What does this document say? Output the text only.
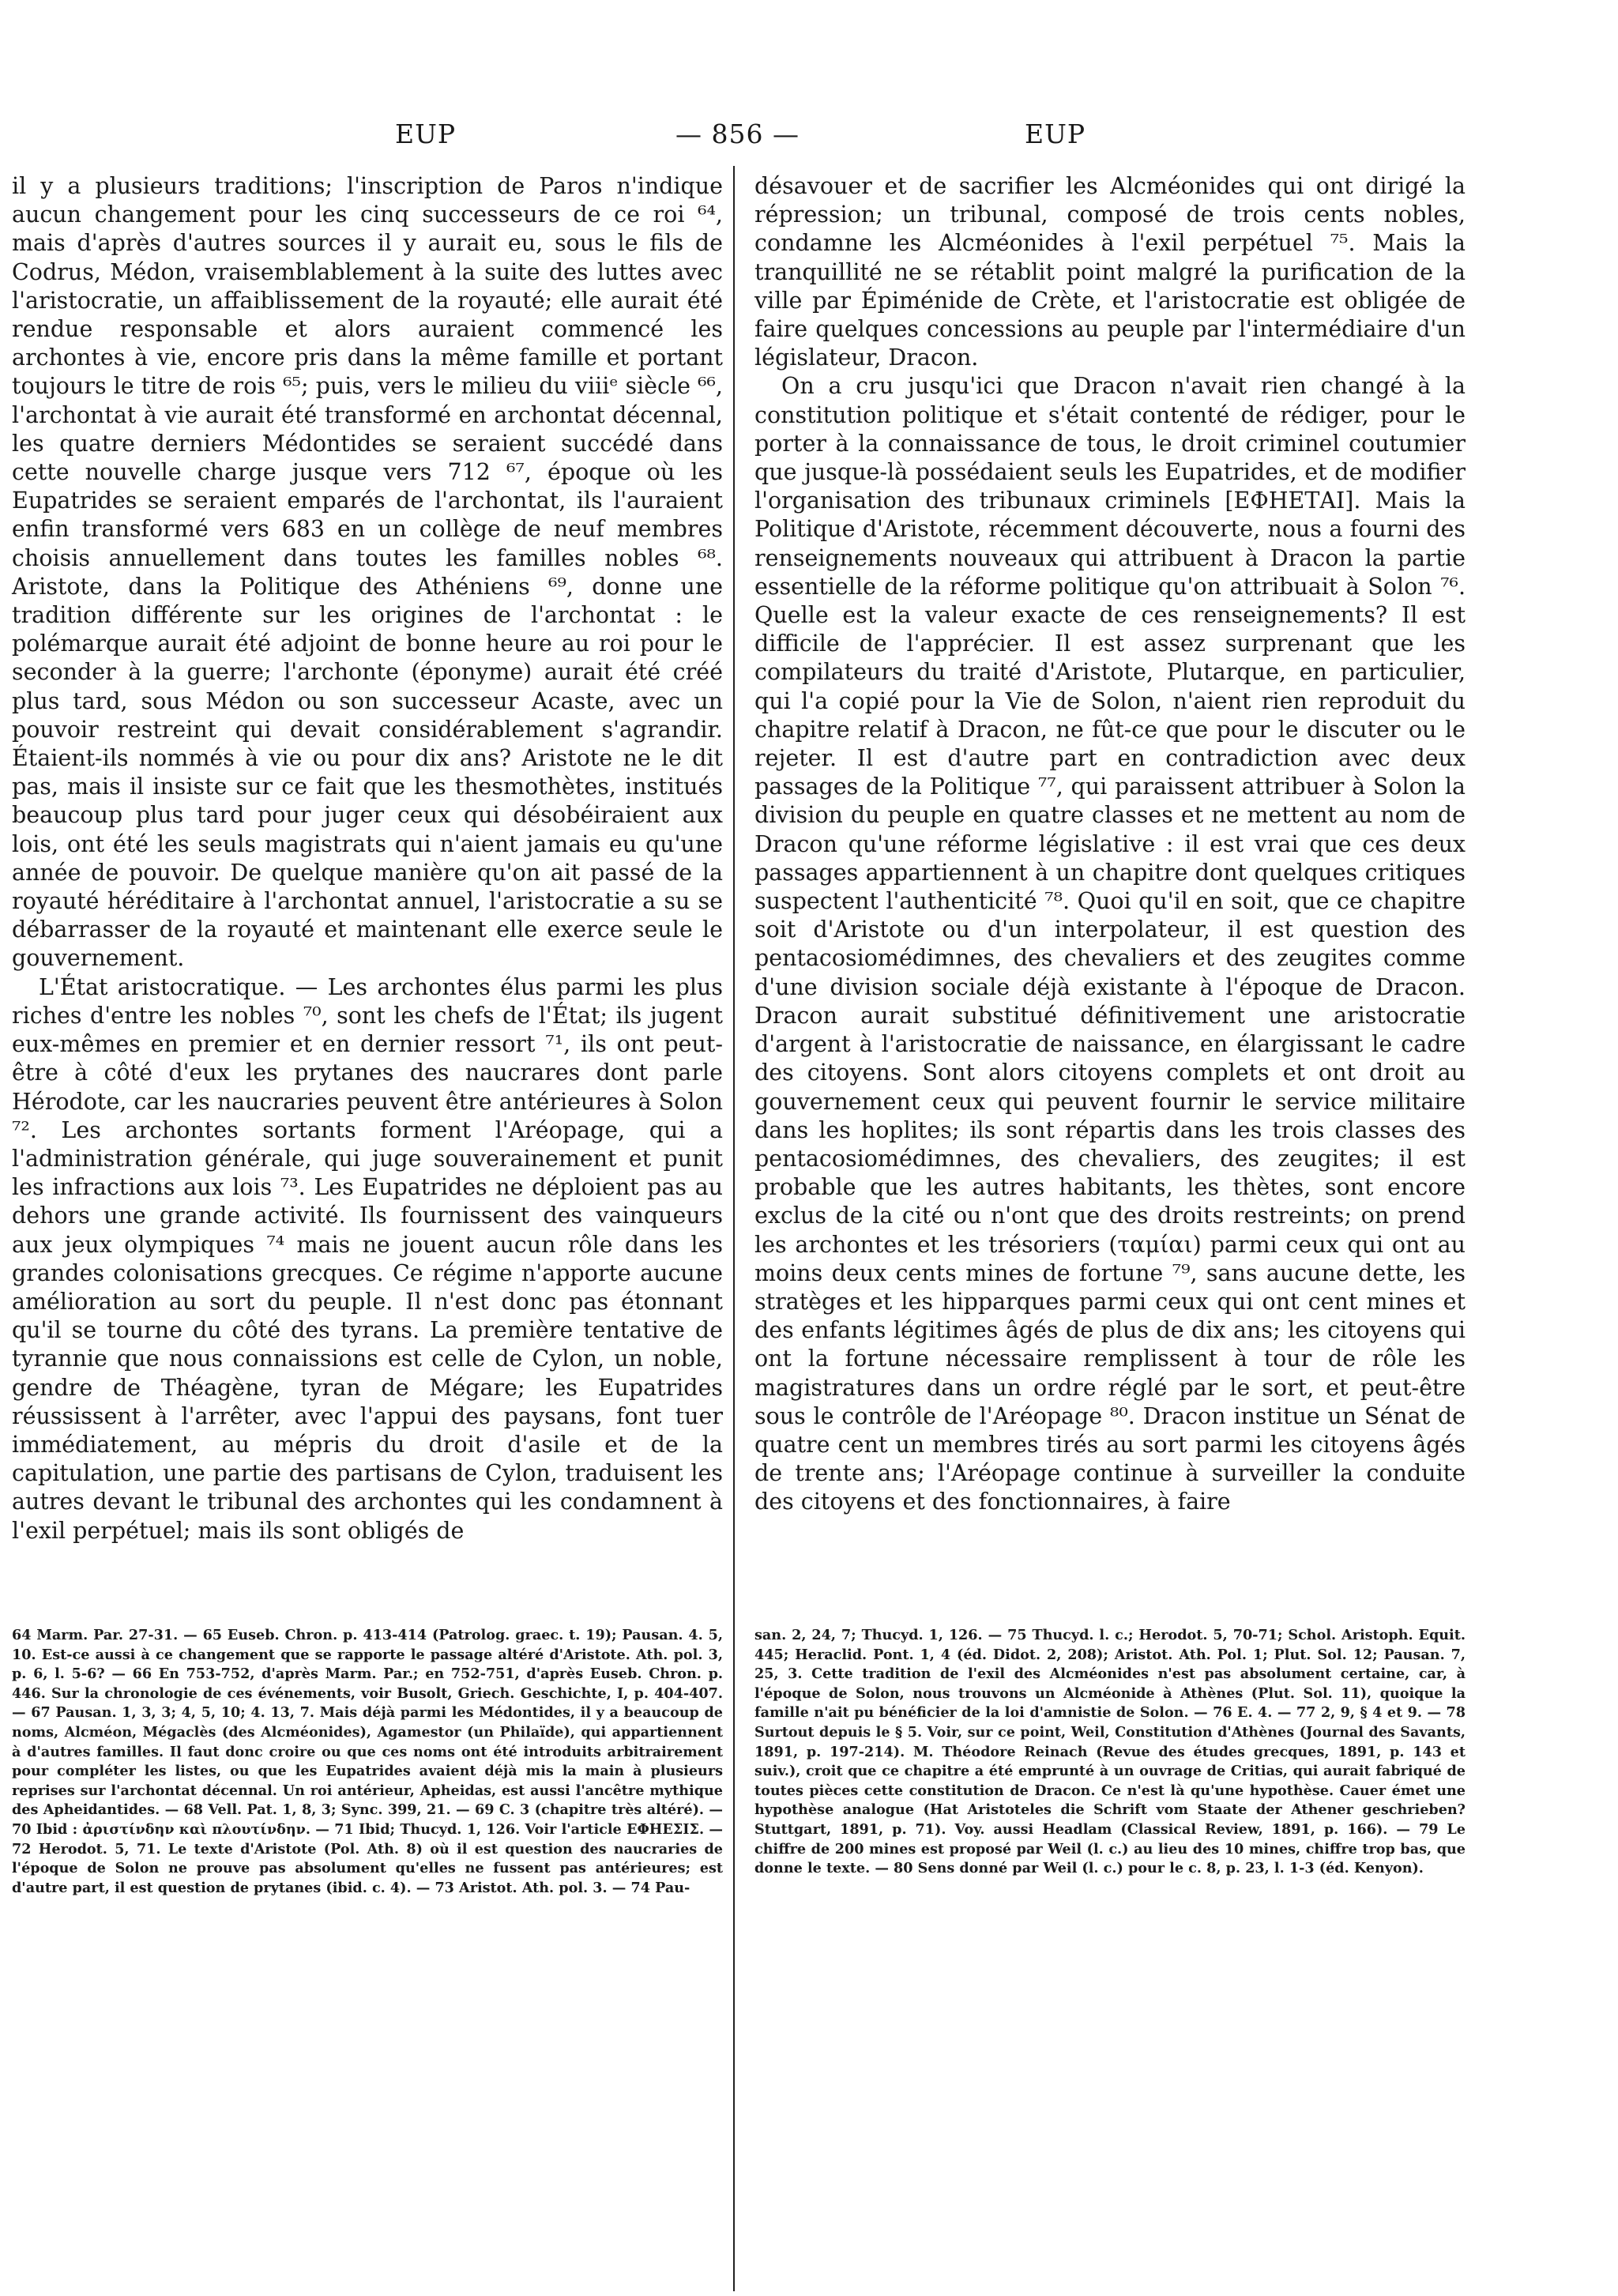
EUP	— 856 —	EUP

il y a plusieurs traditions; l'inscription de Paros n'indique aucun changement pour les cinq successeurs de ce roi ⁶⁴, mais d'après d'autres sources il y aurait eu, sous le fils de Codrus, Médon, vraisemblablement à la suite des luttes avec l'aristocratie, un affaiblissement de la royauté; elle aurait été rendue responsable et alors auraient commencé les archontes à vie, encore pris dans la même famille et portant toujours le titre de rois ⁶⁵; puis, vers le milieu du viiiᵉ siècle ⁶⁶, l'archontat à vie aurait été transformé en archontat décennal, les quatre derniers Médontides se seraient succédé dans cette nouvelle charge jusque vers 712 ⁶⁷, époque où les Eupatrides se seraient emparés de l'archontat, ils l'auraient enfin transformé vers 683 en un collège de neuf membres choisis annuellement dans toutes les familles nobles ⁶⁸. Aristote, dans la Politique des Athéniens ⁶⁹, donne une tradition différente sur les origines de l'archontat : le polémarque aurait été adjoint de bonne heure au roi pour le seconder à la guerre; l'archonte (éponyme) aurait été créé plus tard, sous Médon ou son successeur Acaste, avec un pouvoir restreint qui devait considérablement s'agrandir. Étaient-ils nommés à vie ou pour dix ans? Aristote ne le dit pas, mais il insiste sur ce fait que les thesmothètes, institués beaucoup plus tard pour juger ceux qui désobéiraient aux lois, ont été les seuls magistrats qui n'aient jamais eu qu'une année de pouvoir. De quelque manière qu'on ait passé de la royauté héréditaire à l'archontat annuel, l'aristocratie a su se débarrasser de la royauté et maintenant elle exerce seule le gouvernement.

L'État aristocratique. — Les archontes élus parmi les plus riches d'entre les nobles ⁷⁰, sont les chefs de l'État; ils jugent eux-mêmes en premier et en dernier ressort ⁷¹, ils ont peut-être à côté d'eux les prytanes des naucrares dont parle Hérodote, car les naucraries peuvent être antérieures à Solon ⁷². Les archontes sortants forment l'Aréopage, qui a l'administration générale, qui juge souverainement et punit les infractions aux lois ⁷³. Les Eupatrides ne déploient pas au dehors une grande activité. Ils fournissent des vainqueurs aux jeux olympiques ⁷⁴ mais ne jouent aucun rôle dans les grandes colonisations grecques. Ce régime n'apporte aucune amélioration au sort du peuple. Il n'est donc pas étonnant qu'il se tourne du côté des tyrans. La première tentative de tyrannie que nous connaissions est celle de Cylon, un noble, gendre de Théagène, tyran de Mégare; les Eupatrides réussissent à l'arrêter, avec l'appui des paysans, font tuer immédiatement, au mépris du droit d'asile et de la capitulation, une partie des partisans de Cylon, traduisent les autres devant le tribunal des archontes qui les condamnent à l'exil perpétuel; mais ils sont obligés de

désavouer et de sacrifier les Alcméonides qui ont dirigé la répression; un tribunal, composé de trois cents nobles, condamne les Alcméonides à l'exil perpétuel ⁷⁵. Mais la tranquillité ne se rétablit point malgré la purification de la ville par Épiménide de Crète, et l'aristocratie est obligée de faire quelques concessions au peuple par l'intermédiaire d'un législateur, Dracon.

On a cru jusqu'ici que Dracon n'avait rien changé à la constitution politique et s'était contenté de rédiger, pour le porter à la connaissance de tous, le droit criminel coutumier que jusque-là possédaient seuls les Eupatrides, et de modifier l'organisation des tribunaux criminels [ΕΦΗΕΤΑΙ]. Mais la Politique d'Aristote, récemment découverte, nous a fourni des renseignements nouveaux qui attribuent à Dracon la partie essentielle de la réforme politique qu'on attribuait à Solon ⁷⁶. Quelle est la valeur exacte de ces renseignements? Il est difficile de l'apprécier. Il est assez surprenant que les compilateurs du traité d'Aristote, Plutarque, en particulier, qui l'a copié pour la Vie de Solon, n'aient rien reproduit du chapitre relatif à Dracon, ne fût-ce que pour le discuter ou le rejeter. Il est d'autre part en contradiction avec deux passages de la Politique ⁷⁷, qui paraissent attribuer à Solon la division du peuple en quatre classes et ne mettent au nom de Dracon qu'une réforme législative : il est vrai que ces deux passages appartiennent à un chapitre dont quelques critiques suspectent l'authenticité ⁷⁸. Quoi qu'il en soit, que ce chapitre soit d'Aristote ou d'un interpolateur, il est question des pentacosiomédimnes, des chevaliers et des zeugites comme d'une division sociale déjà existante à l'époque de Dracon. Dracon aurait substitué définitivement une aristocratie d'argent à l'aristocratie de naissance, en élargissant le cadre des citoyens. Sont alors citoyens complets et ont droit au gouvernement ceux qui peuvent fournir le service militaire dans les hoplites; ils sont répartis dans les trois classes des pentacosiomédimnes, des chevaliers, des zeugites; il est probable que les autres habitants, les thètes, sont encore exclus de la cité ou n'ont que des droits restreints; on prend les archontes et les trésoriers (ταμίαι) parmi ceux qui ont au moins deux cents mines de fortune ⁷⁹, sans aucune dette, les stratèges et les hipparques parmi ceux qui ont cent mines et des enfants légitimes âgés de plus de dix ans; les citoyens qui ont la fortune nécessaire remplissent à tour de rôle les magistratures dans un ordre réglé par le sort, et peut-être sous le contrôle de l'Aréopage ⁸⁰. Dracon institue un Sénat de quatre cent un membres tirés au sort parmi les citoyens âgés de trente ans; l'Aréopage continue à surveiller la conduite des citoyens et des fonctionnaires, à faire

64 Marm. Par. 27-31. — 65 Euseb. Chron. p. 413-414 (Patrolog. graec. t. 19); Pausan. 4. 5, 10. Est-ce aussi à ce changement que se rapporte le passage altéré d'Aristote. Ath. pol. 3, p. 6, l. 5-6? — 66 En 753-752, d'après Marm. Par.; en 752-751, d'après Euseb. Chron. p. 446. Sur la chronologie de ces événements, voir Busolt, Griech. Geschichte, I, p. 404-407. — 67 Pausan. 1, 3, 3; 4, 5, 10; 4. 13, 7. Mais déjà parmi les Médontides, il y a beaucoup de noms, Alcméon, Mégaclès (des Alcméonides), Agamestor (un Philaïde), qui appartiennent à d'autres familles. Il faut donc croire ou que ces noms ont été introduits arbitrairement pour compléter les listes, ou que les Eupatrides avaient déjà mis la main à plusieurs reprises sur l'archontat décennal. Un roi antérieur, Apheidas, est aussi l'ancêtre mythique des Apheidantides. — 68 Vell. Pat. 1, 8, 3; Sync. 399, 21. — 69 C. 3 (chapitre très altéré). — 70 Ibid : ἀριστίνδην καὶ πλουτίνδην. — 71 Ibid; Thucyd. 1, 126. Voir l'article ΕΦΗΕΣΙΣ. — 72 Herodot. 5, 71. Le texte d'Aristote (Pol. Ath. 8) où il est question des naucraries de l'époque de Solon ne prouve pas absolument qu'elles ne fussent pas antérieures; est d'autre part, il est question de prytanes (ibid. c. 4). — 73 Aristot. Ath. pol. 3. — 74 Pau-

san. 2, 24, 7; Thucyd. 1, 126. — 75 Thucyd. l. c.; Herodot. 5, 70-71; Schol. Aristoph. Equit. 445; Heraclid. Pont. 1, 4 (éd. Didot. 2, 208); Aristot. Ath. Pol. 1; Plut. Sol. 12; Pausan. 7, 25, 3. Cette tradition de l'exil des Alcméonides n'est pas absolument certaine, car, à l'époque de Solon, nous trouvons un Alcméonide à Athènes (Plut. Sol. 11), quoique la famille n'ait pu bénéficier de la loi d'amnistie de Solon. — 76 E. 4. — 77 2, 9, § 4 et 9. — 78 Surtout depuis le § 5. Voir, sur ce point, Weil, Constitution d'Athènes (Journal des Savants, 1891, p. 197-214). M. Théodore Reinach (Revue des études grecques, 1891, p. 143 et suiv.), croit que ce chapitre a été emprunté à un ouvrage de Critias, qui aurait fabriqué de toutes pièces cette constitution de Dracon. Ce n'est là qu'une hypothèse. Cauer émet une hypothèse analogue (Hat Aristoteles die Schrift vom Staate der Athener geschrieben? Stuttgart, 1891, p. 71). Voy. aussi Headlam (Classical Review, 1891, p. 166). — 79 Le chiffre de 200 mines est proposé par Weil (l. c.) au lieu des 10 mines, chiffre trop bas, que donne le texte. — 80 Sens donné par Weil (l. c.) pour le c. 8, p. 23, l. 1-3 (éd. Kenyon).
